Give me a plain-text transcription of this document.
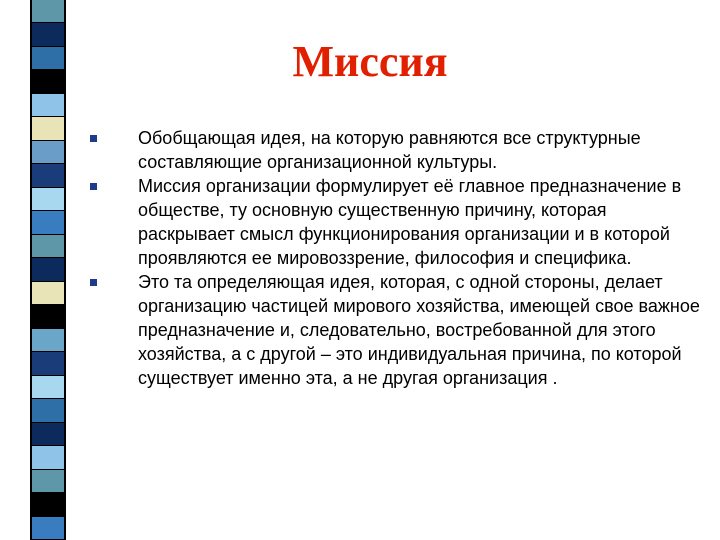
Миссия
Обобщающая идея, на которую равняются все структурные составляющие организационной культуры.
Миссия организации формулирует её главное предназначение в обществе, ту основную существенную причину, которая раскрывает смысл функционирования организации и в которой проявляются ее мировоззрение, философия и специфика.
Это та определяющая идея, которая, с одной стороны, делает организацию частицей мирового хозяйства, имеющей свое важное предназначение и, следовательно, востребованной для этого хозяйства, а с другой – это индивидуальная причина, по которой существует именно эта, а не другая организация .
